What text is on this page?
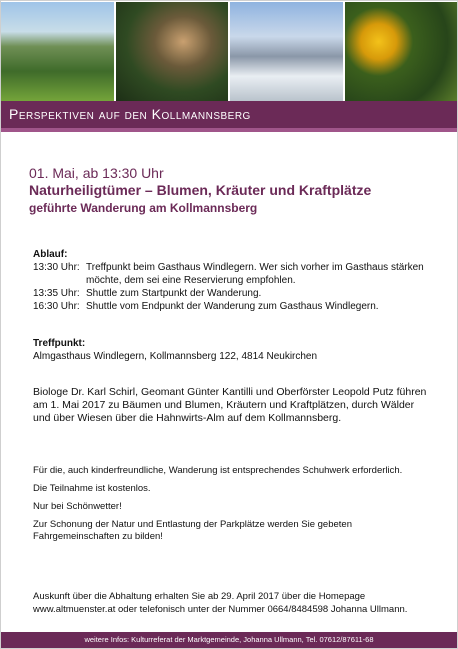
Perspektiven auf den Kollmannsberg

01. Mai, ab 13:30 Uhr

Naturheiligtümer – Blumen, Kräuter und Kraftplätze

geführte Wanderung am Kollmannsberg

Ablauf:
13:30 Uhr: Treffpunkt beim Gasthaus Windlegern. Wer sich vorher im Gasthaus stärken möchte, dem sei eine Reservierung empfohlen.
13:35 Uhr: Shuttle zum Startpunkt der Wanderung.
16:30 Uhr: Shuttle vom Endpunkt der Wanderung zum Gasthaus Windlegern.
Treffpunkt:
Almgasthaus Windlegern, Kollmannsberg 122, 4814 Neukirchen
Biologe Dr. Karl Schirl, Geomant Günter Kantilli und Oberförster Leopold Putz führen am 1. Mai 2017 zu Bäumen und Blumen, Kräutern und Kraftplätzen, durch Wälder und über Wiesen über die Hahnwirts-Alm auf dem Kollmannsberg.

Für die, auch kinderfreundliche, Wanderung ist entsprechendes Schuhwerk erforderlich.

Die Teilnahme ist kostenlos.

Nur bei Schönwetter!

Zur Schonung der Natur und Entlastung der Parkplätze werden Sie gebeten Fahrgemeinschaften zu bilden!

Auskunft über die Abhaltung erhalten Sie ab 29. April 2017 über die Homepage www.altmuenster.at oder telefonisch unter der Nummer 0664/8484598 Johanna Ullmann.
weitere Infos: Kulturreferat der Marktgemeinde, Johanna Ullmann, Tel. 07612/87611-68
